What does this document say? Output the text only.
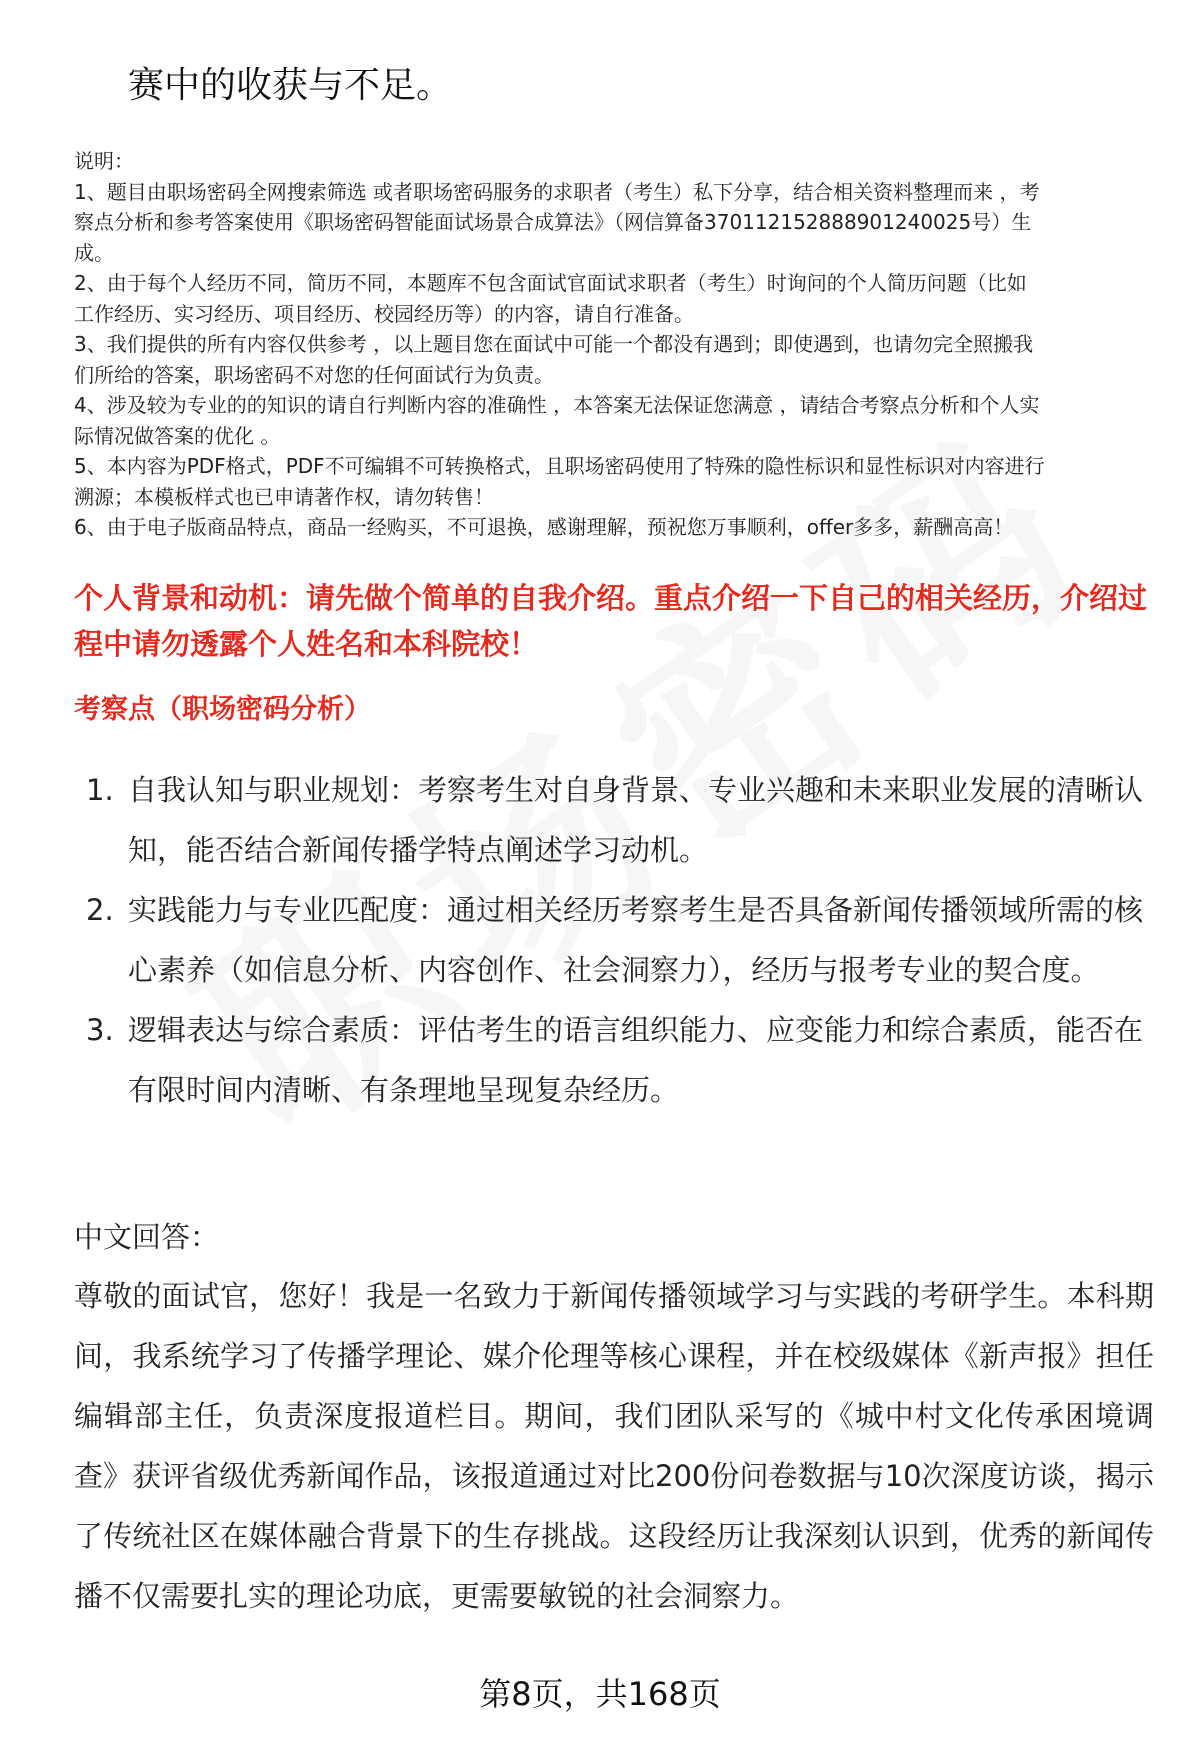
赛中的收获与不足。
说明：
1、题目由职场密码全网搜索筛选 或者职场密码服务的求职者（考生）私下分享，结合相关资料整理而来 ，考
察点分析和参考答案使用《职场密码智能面试场景合成算法》（网信算备370112152888901240025号）生
成。
2、由于每个人经历不同，简历不同，本题库不包含面试官面试求职者（考生）时询问的个人简历问题（比如
工作经历、实习经历、项目经历、校园经历等）的内容，请自行准备。
3、我们提供的所有内容仅供参考 ，以上题目您在面试中可能一个都没有遇到；即使遇到，也请勿完全照搬我
们所给的答案，职场密码不对您的任何面试行为负责。
4、涉及较为专业的的知识的请自行判断内容的准确性 ，本答案无法保证您满意 ，请结合考察点分析和个人实
际情况做答案的优化 。
5、本内容为PDF格式，PDF不可编辑不可转换格式，且职场密码使用了特殊的隐性标识和显性标识对内容进行
溯源；本模板样式也已申请著作权，请勿转售！
6、由于电子版商品特点，商品一经购买，不可退换，感谢理解，预祝您万事顺利，offer多多，薪酬高高！
个人背景和动机：请先做个简单的自我介绍。重点介绍一下自己的相关经历，介绍过程中请勿透露个人姓名和本科院校！
考察点（职场密码分析）
1. 自我认知与职业规划：考察考生对自身背景、专业兴趣和未来职业发展的清晰认知，能否结合新闻传播学特点阐述学习动机。
2. 实践能力与专业匹配度：通过相关经历考察考生是否具备新闻传播领域所需的核心素养（如信息分析、内容创作、社会洞察力），经历与报考专业的契合度。
3. 逻辑表达与综合素质：评估考生的语言组织能力、应变能力和综合素质，能否在有限时间内清晰、有条理地呈现复杂经历。
中文回答：
尊敬的面试官，您好！我是一名致力于新闻传播领域学习与实践的考研学生。本科期间，我系统学习了传播学理论、媒介伦理等核心课程，并在校级媒体《新声报》担任编辑部主任，负责深度报道栏目。期间，我们团队采写的《城中村文化传承困境调查》获评省级优秀新闻作品，该报道通过对比200份问卷数据与10次深度访谈，揭示了传统社区在媒体融合背景下的生存挑战。这段经历让我深刻认识到，优秀的新闻传播不仅需要扎实的理论功底，更需要敏锐的社会洞察力。
第8页，共168页
